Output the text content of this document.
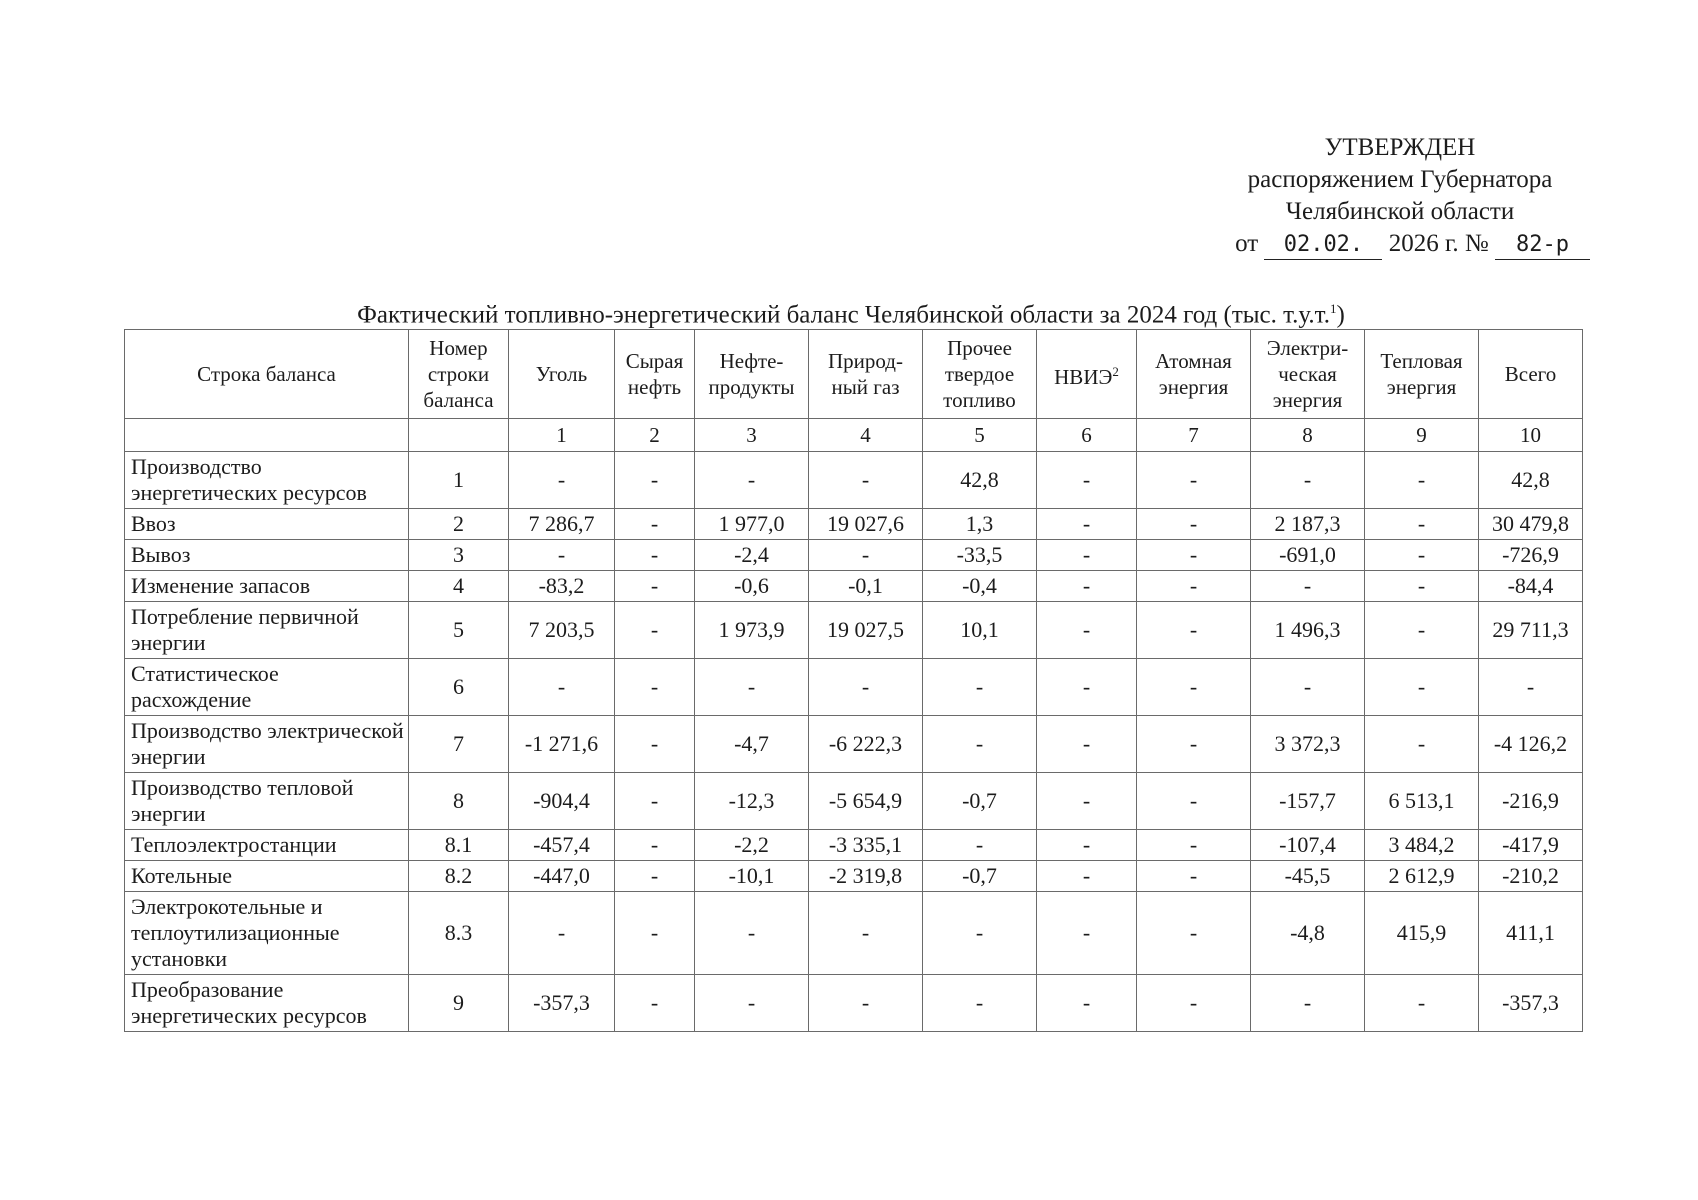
УТВЕРЖДЕН
распоряжением Губернатора
Челябинской области
от 02.02. 2026 г. № 82-р
Фактический топливно-энергетический баланс Челябинской области за 2024 год (тыс. т.у.т.$^1$)
Строка баланса	Номер строки баланса	Уголь	Сырая нефть	Нефте-продукты	Природ-ный газ	Прочее твердое топливо	НВИЭ$^2$	Атомная энергия	Электри-ческая энергия	Тепловая энергия	Всего
		1	2	3	4	5	6	7	8	9	10
Производство энергетических ресурсов	1	-	-	-	-	42,8	-	-	-	-	42,8
Ввоз	2	7 286,7	-	1 977,0	19 027,6	1,3	-	-	2 187,3	-	30 479,8
Вывоз	3	-	-	-2,4	-	-33,5	-	-	-691,0	-	-726,9
Изменение запасов	4	-83,2	-	-0,6	-0,1	-0,4	-	-	-	-	-84,4
Потребление первичной энергии	5	7 203,5	-	1 973,9	19 027,5	10,1	-	-	1 496,3	-	29 711,3
Статистическое расхождение	6	-	-	-	-	-	-	-	-	-	-
Производство электрической энергии	7	-1 271,6	-	-4,7	-6 222,3	-	-	-	3 372,3	-	-4 126,2
Производство тепловой энергии	8	-904,4	-	-12,3	-5 654,9	-0,7	-	-	-157,7	6 513,1	-216,9
Теплоэлектростанции	8.1	-457,4	-	-2,2	-3 335,1	-	-	-	-107,4	3 484,2	-417,9
Котельные	8.2	-447,0	-	-10,1	-2 319,8	-0,7	-	-	-45,5	2 612,9	-210,2
Электрокотельные и теплоутилизационные установки	8.3	-	-	-	-	-	-	-	-4,8	415,9	411,1
Преобразование энергетических ресурсов	9	-357,3	-	-	-	-	-	-	-	-	-357,3
